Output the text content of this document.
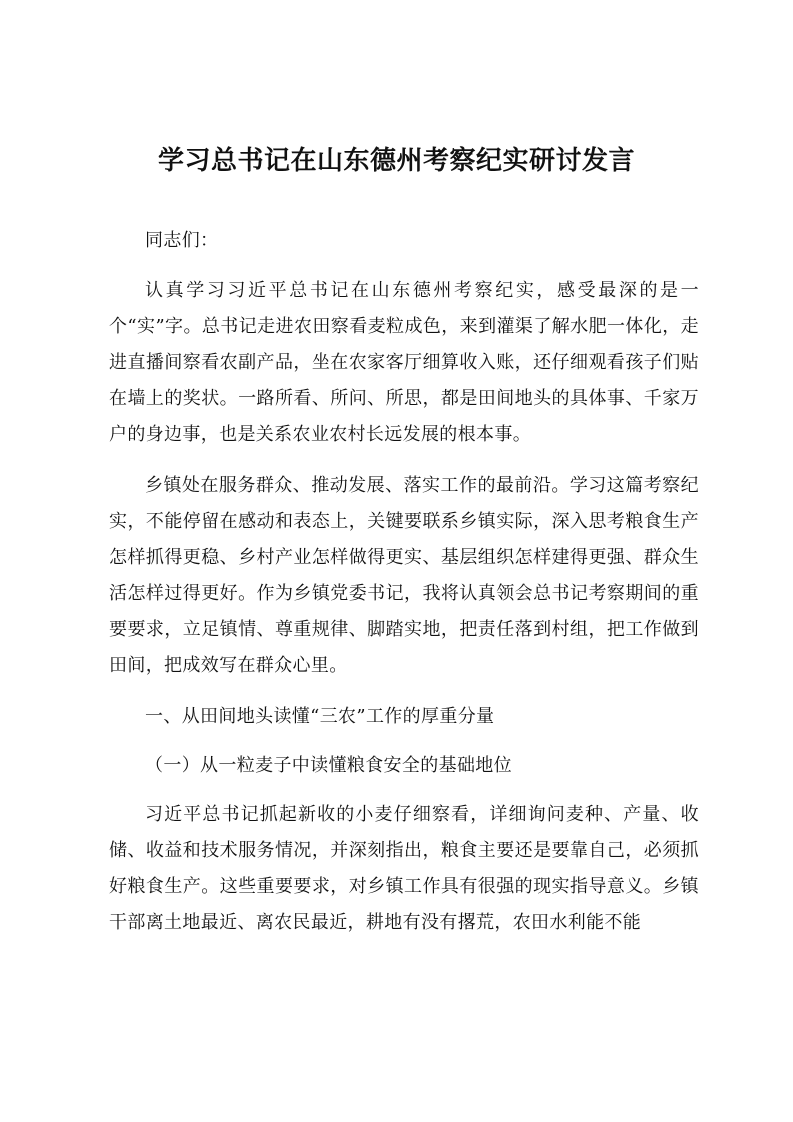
学习总书记在山东德州考察纪实研讨发言

同志们：

认真学习习近平总书记在山东德州考察纪实，感受最深的是一个“实”字。总书记走进农田察看麦粒成色，来到灌渠了解水肥一体化，走进直播间察看农副产品，坐在农家客厅细算收入账，还仔细观看孩子们贴在墙上的奖状。一路所看、所问、所思，都是田间地头的具体事、千家万户的身边事，也是关系农业农村长远发展的根本事。

乡镇处在服务群众、推动发展、落实工作的最前沿。学习这篇考察纪实，不能停留在感动和表态上，关键要联系乡镇实际，深入思考粮食生产怎样抓得更稳、乡村产业怎样做得更实、基层组织怎样建得更强、群众生活怎样过得更好。作为乡镇党委书记，我将认真领会总书记考察期间的重要要求，立足镇情、尊重规律、脚踏实地，把责任落到村组，把工作做到田间，把成效写在群众心里。

一、从田间地头读懂“三农”工作的厚重分量

（一）从一粒麦子中读懂粮食安全的基础地位

习近平总书记抓起新收的小麦仔细察看，详细询问麦种、产量、收储、收益和技术服务情况，并深刻指出，粮食主要还是要靠自己，必须抓好粮食生产。这些重要要求，对乡镇工作具有很强的现实指导意义。乡镇干部离土地最近、离农民最近，耕地有没有撂荒，农田水利能不能
